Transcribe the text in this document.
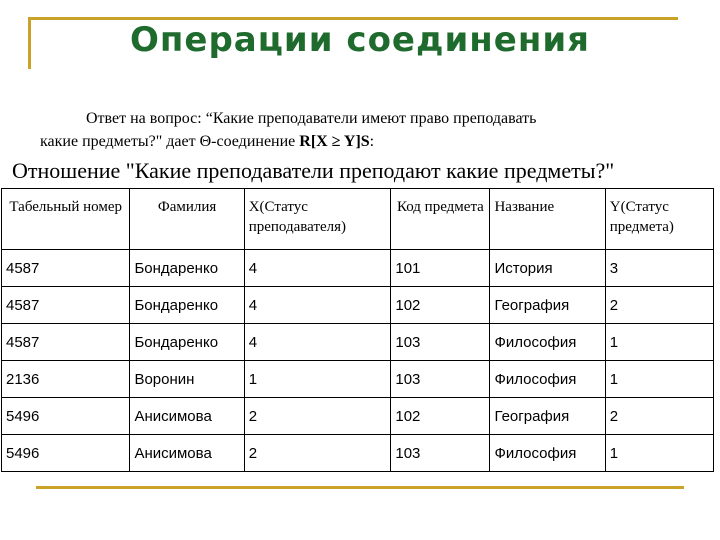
Операции соединения
Ответ на вопрос: “Какие преподаватели имеют право преподавать
какие предметы?" дает Θ-соединение R[X ≥ Y]S:
Отношение "Какие преподаватели преподают какие предметы?"
Табельный номер	Фамилия	X(Статус преподавателя)	Код предмета	Название	Y(Статус предмета)
4587	Бондаренко	4	101	История	3
4587	Бондаренко	4	102	География	2
4587	Бондаренко	4	103	Философия	1
2136	Воронин	1	103	Философия	1
5496	Анисимова	2	102	География	2
5496	Анисимова	2	103	Философия	1
